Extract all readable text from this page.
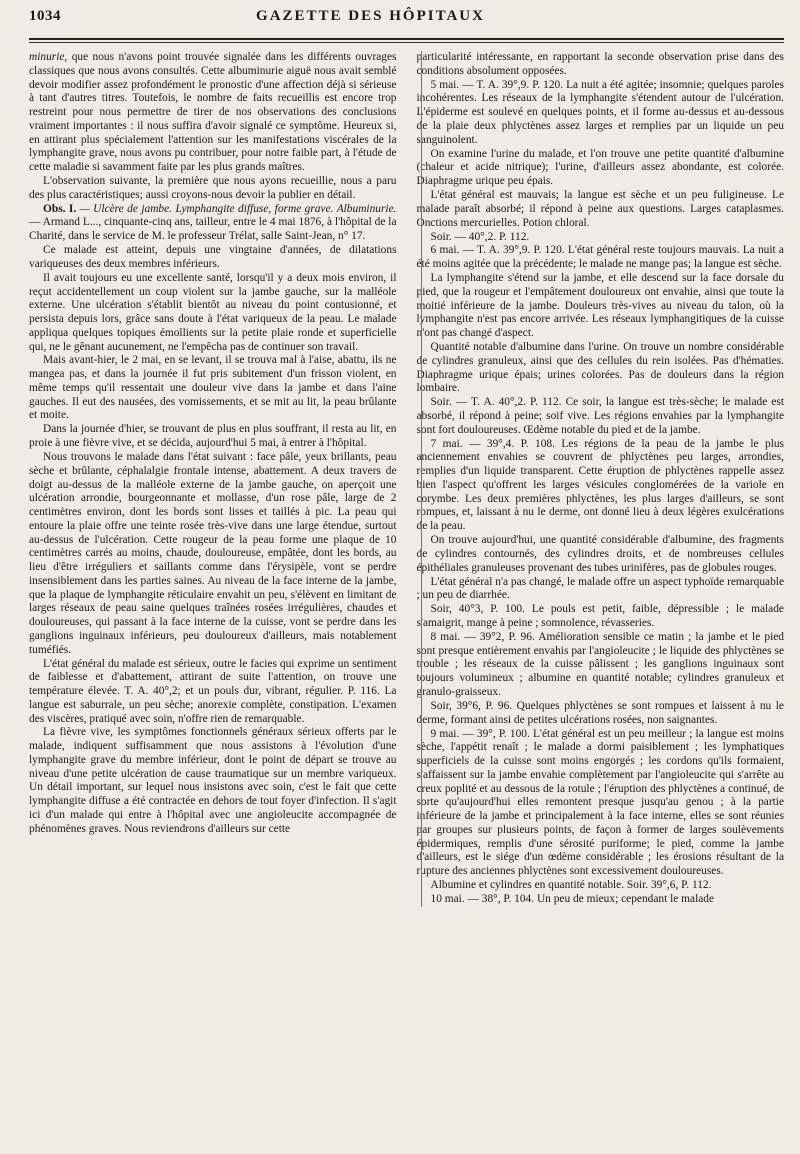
1034	GAZETTE DES HÔPITAUX

minurie, que nous n'avons point trouvée signalée dans les différents ouvrages classiques que nous avons consultés. Cette albuminurie aiguë nous avait semblé devoir modifier assez profondément le pronostic d'une affection déjà si sérieuse à tant d'autres titres. Toutefois, le nombre de faits recueillis est encore trop restreint pour nous permettre de tirer de nos observations des conclusions vraiment importantes : il nous suffira d'avoir signalé ce symptôme. Heureux si, en attirant plus spécialement l'attention sur les manifestations viscérales de la lymphangite grave, nous avons pu contribuer, pour notre faible part, à l'étude de cette maladie si savamment faite par les plus grands maîtres.

L'observation suivante, la première que nous ayons recueillie, nous a paru des plus caractéristiques; aussi croyons-nous devoir la publier en détail.

Obs. I. — Ulcère de jambe. Lymphangite diffuse, forme grave. Albuminurie. — Armand L..., cinquante-cinq ans, tailleur, entre le 4 mai 1876, à l'hôpital de la Charité, dans le service de M. le professeur Trélat, salle Saint-Jean, n° 17.

Ce malade est atteint, depuis une vingtaine d'années, de dilatations variqueuses des deux membres inférieurs.

Il avait toujours eu une excellente santé, lorsqu'il y a deux mois environ, il reçut accidentellement un coup violent sur la jambe gauche, sur la malléole externe. Une ulcération s'établit bientôt au niveau du point contusionné, et persista depuis lors, grâce sans doute à l'état variqueux de la peau. Le malade appliqua quelques topiques émollients sur la petite plaie ronde et superficielle qui, ne le gênant aucunement, ne l'empêcha pas de continuer son travail.

Mais avant-hier, le 2 mai, en se levant, il se trouva mal à l'aise, abattu, ils ne mangea pas, et dans la journée il fut pris subitement d'un frisson violent, en même temps qu'il ressentait une douleur vive dans la jambe et dans l'aine gauches. Il eut des nausées, des vomissements, et se mit au lit, la peau brûlante et moite.

Dans la journée d'hier, se trouvant de plus en plus souffrant, il resta au lit, en proie à une fièvre vive, et se décida, aujourd'hui 5 mai, à entrer à l'hôpital.

Nous trouvons le malade dans l'état suivant : face pâle, yeux brillants, peau sèche et brûlante, céphalalgie frontale intense, abattement. A deux travers de doigt au-dessus de la malléole externe de la jambe gauche, on aperçoit une ulcération arrondie, bourgeonnante et mollasse, d'un rose pâle, large de 2 centimètres environ, dont les bords sont lisses et taillés à pic. La peau qui entoure la plaie offre une teinte rosée très-vive dans une large étendue, surtout au-dessus de l'ulcération. Cette rougeur de la peau forme une plaque de 10 centimètres carrés au moins, chaude, douloureuse, empâtée, dont les bords, au lieu d'être irréguliers et saillants comme dans l'érysipèle, vont se perdre insensiblement dans les parties saines. Au niveau de la face interne de la jambe, que la plaque de lymphangite réticulaire envahit un peu, s'élèvent en limitant de larges réseaux de peau saine quelques traînées rosées irrégulières, chaudes et douloureuses, qui passant à la face interne de la cuisse, vont se perdre dans les ganglions inguinaux inférieurs, peu douloureux d'ailleurs, mais notablement tuméfiés.

L'état général du malade est sérieux, outre le facies qui exprime un sentiment de faiblesse et d'abattement, attirant de suite l'attention, on trouve une température élevée. T. A. 40°,2; et un pouls dur, vibrant, régulier. P. 116. La langue est saburrale, un peu sèche; anorexie complète, constipation. L'examen des viscères, pratiqué avec soin, n'offre rien de remarquable.

La fièvre vive, les symptômes fonctionnels généraux sérieux offerts par le malade, indiquent suffisamment que nous assistons à l'évolution d'une lymphangite grave du membre inférieur, dont le point de départ se trouve au niveau d'une petite ulcération de cause traumatique sur un membre variqueux. Un détail important, sur lequel nous insistons avec soin, c'est le fait que cette lymphangite diffuse a été contractée en dehors de tout foyer d'infection. Il s'agit ici d'un malade qui entre à l'hôpital avec une angioleucite accompagnée de phénomènes graves. Nous reviendrons d'ailleurs sur cette

particularité intéressante, en rapportant la seconde observation prise dans des conditions absolument opposées.

5 mai. — T. A. 39°,9. P. 120. La nuit a été agitée; insomnie; quelques paroles incohérentes. Les réseaux de la lymphangite s'étendent autour de l'ulcération. L'épiderme est soulevé en quelques points, et il forme au-dessus et au-dessous de la plaie deux phlyctènes assez larges et remplies par un liquide un peu sanguinolent.

On examine l'urine du malade, et l'on trouve une petite quantité d'albumine (chaleur et acide nitrique); l'urine, d'ailleurs assez abondante, est colorée. Diaphragme urique peu épais.

L'état général est mauvais; la langue est sèche et un peu fuligineuse. Le malade paraît absorbé; il répond à peine aux questions. Larges cataplasmes. Onctions mercurielles. Potion chloral.

Soir. — 40°,2. P. 112.

6 mai. — T. A. 39°,9. P. 120. L'état général reste toujours mauvais. La nuit a été moins agitée que la précédente; le malade ne mange pas; la langue est sèche.

La lymphangite s'étend sur la jambe, et elle descend sur la face dorsale du pied, que la rougeur et l'empâtement douloureux ont envahie, ainsi que toute la moitié inférieure de la jambe. Douleurs très-vives au niveau du talon, où la lymphangite n'est pas encore arrivée. Les réseaux lymphangitiques de la cuisse n'ont pas changé d'aspect.

Quantité notable d'albumine dans l'urine. On trouve un nombre considérable de cylindres granuleux, ainsi que des cellules du rein isolées. Pas d'hématies. Diaphragme urique épais; urines colorées. Pas de douleurs dans la région lombaire.

Soir. — T. A. 40°,2. P. 112. Ce soir, la langue est très-sèche; le malade est absorbé, il répond à peine; soif vive. Les régions envahies par la lymphangite sont fort douloureuses. Œdème notable du pied et de la jambe.

7 mai. — 39°,4. P. 108. Les régions de la peau de la jambe le plus anciennement envahies se couvrent de phlyctènes peu larges, arrondies, remplies d'un liquide transparent. Cette éruption de phlyctènes rappelle assez bien l'aspect qu'offrent les larges vésicules conglomérées de la variole en corymbe. Les deux premières phlyctènes, les plus larges d'ailleurs, se sont rompues, et, laissant à nu le derme, ont donné lieu à deux légères exulcérations de la peau.

On trouve aujourd'hui, une quantité considérable d'albumine, des fragments de cylindres contournés, des cylindres droits, et de nombreuses cellules épithéliales granuleuses provenant des tubes urinifères, pas de globules rouges.

L'état général n'a pas changé, le malade offre un aspect typhoïde remarquable ; un peu de diarrhée.

Soir, 40°3, P. 100. Le pouls est petit, faible, dépressible ; le malade s'amaigrit, mange à peine ; somnolence, révasseries.

8 mai. — 39°2, P. 96. Amélioration sensible ce matin ; la jambe et le pied sont presque entièrement envahis par l'angioleucite ; le liquide des phlyctènes se trouble ; les réseaux de la cuisse pâlissent ; les ganglions inguinaux sont toujours volumineux ; albumine en quantité notable; cylindres granuleux et granulo-graisseux.

Soir, 39°6, P. 96. Quelques phlyctènes se sont rompues et laissent à nu le derme, formant ainsi de petites ulcérations rosées, non saignantes.

9 mai. — 39°, P. 100. L'état général est un peu meilleur ; la langue est moins sèche, l'appétit renaît ; le malade a dormi paisiblement ; les lymphatiques superficiels de la cuisse sont moins engorgés ; les cordons qu'ils formaient, s'affaissent sur la jambe envahie complètement par l'angioleucite qui s'arrête au creux poplité et au dessous de la rotule ; l'éruption des phlyctènes a continué, de sorte qu'aujourd'hui elles remontent presque jusqu'au genou ; à la partie inférieure de la jambe et principalement à la face interne, elles se sont réunies par groupes sur plusieurs points, de façon à former de larges soulèvements épidermiques, remplis d'une sérosité puriforme; le pied, comme la jambe d'ailleurs, est le siége d'un œdème considérable ; les érosions résultant de la rupture des anciennes phlyctènes sont excessivement douloureuses.

Albumine et cylindres en quantité notable. Soir. 39°,6, P. 112.

10 mai. — 38°, P. 104. Un peu de mieux; cependant le malade
